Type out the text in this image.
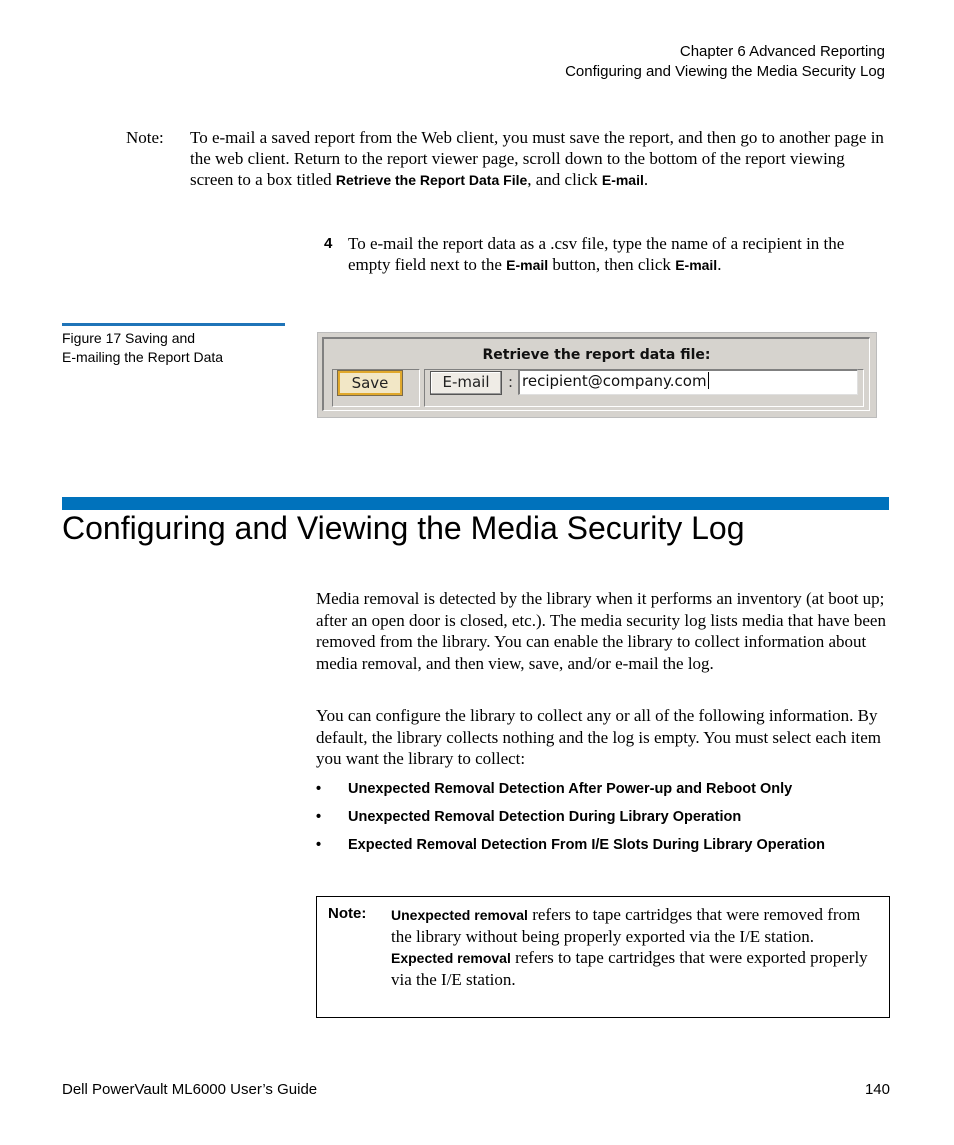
Chapter 6 Advanced Reporting
Configuring and Viewing the Media Security Log
Note: To e-mail a saved report from the Web client, you must save the report, and then go to another page in the web client. Return to the report viewer page, scroll down to the bottom of the report viewing screen to a box titled Retrieve the Report Data File, and click E-mail.
4 To e-mail the report data as a .csv file, type the name of a recipient in the empty field next to the E-mail button, then click E-mail.
Figure 17 Saving and
E-mailing the Report Data	Retrieve the report data file:
Save	E-mail	: recipient@company.com
Configuring and Viewing the Media Security Log

Media removal is detected by the library when it performs an inventory (at boot up; after an open door is closed, etc.). The media security log lists media that have been removed from the library. You can enable the library to collect information about media removal, and then view, save, and/or e-mail the log.

You can configure the library to collect any or all of the following information. By default, the library collects nothing and the log is empty. You must select each item you want the library to collect:

• Unexpected Removal Detection After Power-up and Reboot Only
• Unexpected Removal Detection During Library Operation
• Expected Removal Detection From I/E Slots During Library Operation
Note: Unexpected removal refers to tape cartridges that were removed from the library without being properly exported via the I/E station.
Expected removal refers to tape cartridges that were exported properly via the I/E station.
Dell PowerVault ML6000 User’s Guide	140
